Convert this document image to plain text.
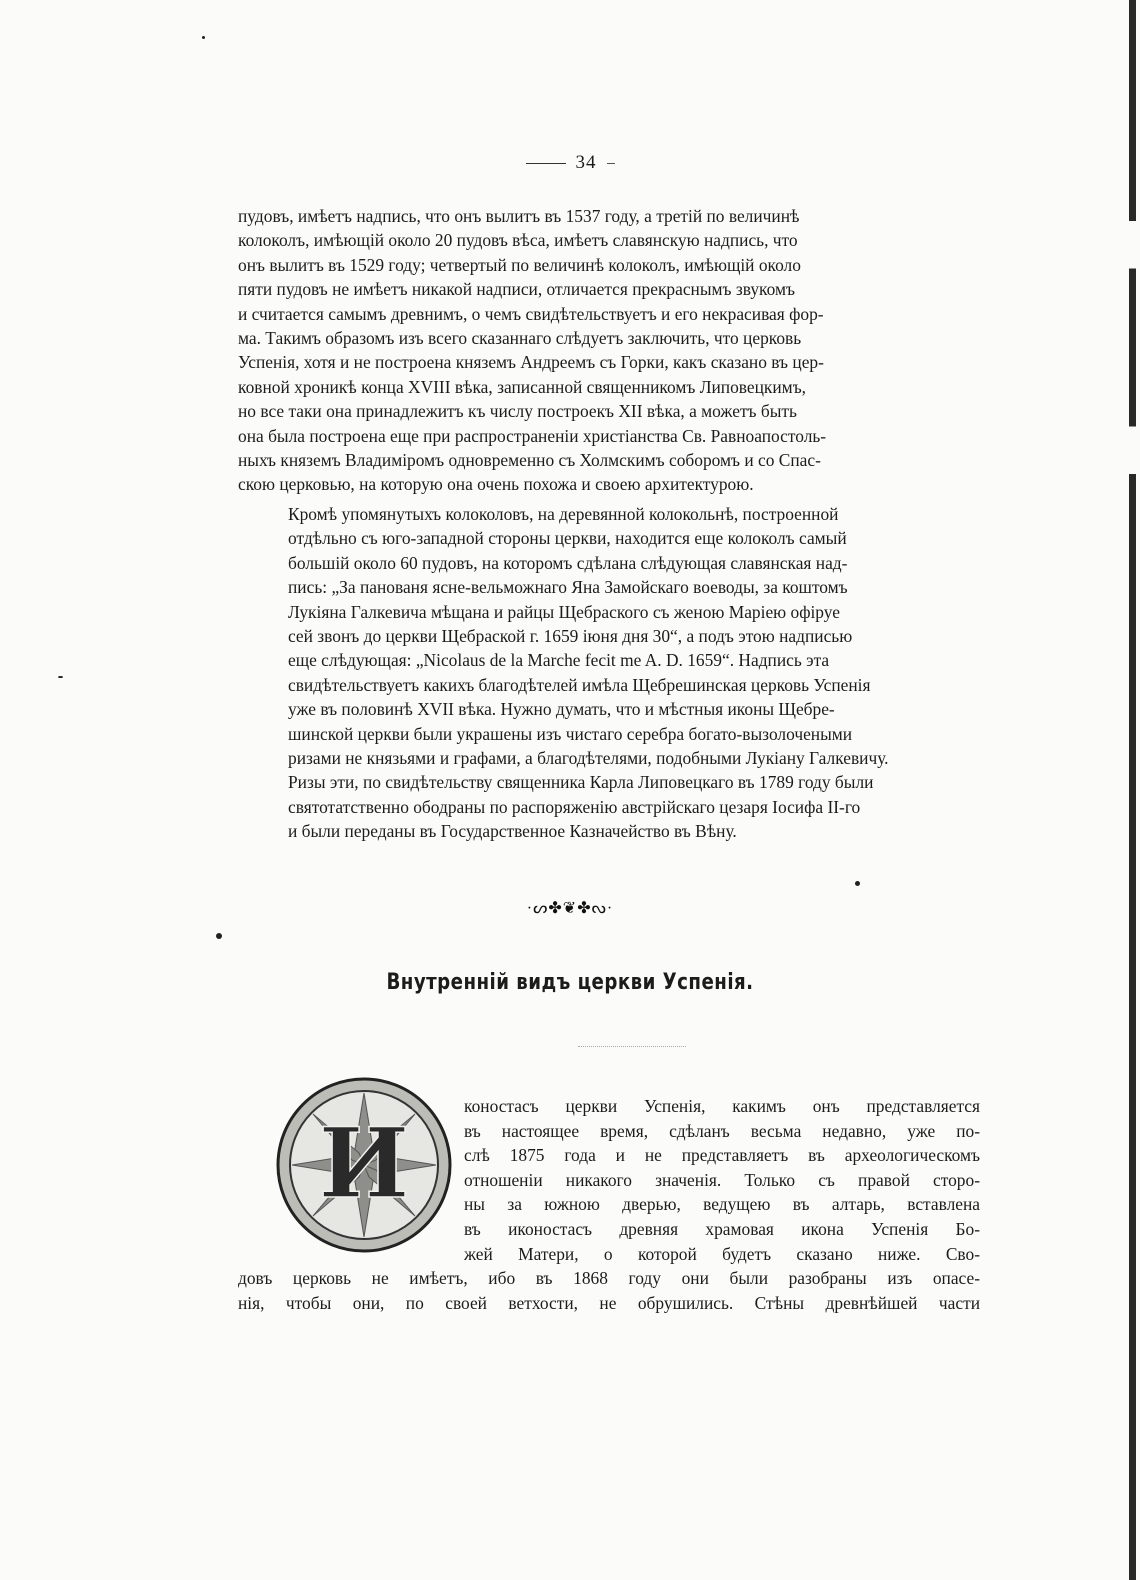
34
пудовъ, имѣетъ надпись, что онъ вылитъ въ 1537 году, а третій по величинѣ
колоколъ, имѣющій около 20 пудовъ вѣса, имѣетъ славянскую надпись, что
онъ вылитъ въ 1529 году; четвертый по величинѣ колоколъ, имѣющій около
пяти пудовъ не имѣетъ никакой надписи, отличается прекраснымъ звукомъ
и считается самымъ древнимъ, о чемъ свидѣтельствуетъ и его некрасивая фор-
ма. Такимъ образомъ изъ всего сказаннаго слѣдуетъ заключить, что церковь
Успенія, хотя и не построена княземъ Андреемъ съ Горки, какъ сказано въ цер-
ковной хроникѣ конца XVIII вѣка, записанной священникомъ Липовецкимъ,
но все таки она принадлежитъ къ числу построекъ XII вѣка, а можетъ быть
она была построена еще при распространеніи христіанства Св. Равноапостоль-
ныхъ княземъ Владиміромъ одновременно съ Холмскимъ соборомъ и со Спас-
скою церковью, на которую она очень похожа и своею архитектурою.
Кромѣ упомянутыхъ колоколовъ, на деревянной колокольнѣ, построенной
отдѣльно съ юго-западной стороны церкви, находится еще колоколъ самый
большій около 60 пудовъ, на которомъ сдѣлана слѣдующая славянская над-
пись: „За панованя ясне-вельможнаго Яна Замойскаго воеводы, за коштомъ
Лукіяна Галкевича мѣщана и райцы Щебраского съ женою Маріею офіруе
сей звонъ до церкви Щебраской г. 1659 іюня дня 30“, а подъ этою надписью
еще слѣдующая: „Nicolaus de la Marche fecit me A. D. 1659“. Надпись эта
свидѣтельствуетъ какихъ благодѣтелей имѣла Щебрешинская церковь Успенія
уже въ половинѣ XVII вѣка. Нужно думать, что и мѣстныя иконы Щебре-
шинской церкви были украшены изъ чистаго серебра богато-вызолочеными
ризами не князьями и графами, а благодѣтелями, подобными Лукіану Галкевичу.
Ризы эти, по свидѣтельству священника Карла Липовецкаго въ 1789 году были
святотатственно ободраны по распоряженію австрійскаго цезаря Іосифа II-го
и были переданы въ Государственное Казначейство въ Вѣну.
·ᔕ✤❦✤ᔓ·
Внутренній видъ церкви Успенія.
И
коностасъ церкви Успенія, какимъ онъ представляется
въ настоящее время, сдѣланъ весьма недавно, уже по-
слѣ 1875 года и не представляетъ въ археологическомъ
отношеніи никакого значенія. Только съ правой сторо-
ны за южною дверью, ведущею въ алтарь, вставлена
въ иконостасъ древняя храмовая икона Успенія Бо-
жей Матери, о которой будетъ сказано ниже. Сво-
довъ церковь не имѣетъ, ибо въ 1868 году они были разобраны изъ опасе-
нія, чтобы они, по своей ветхости, не обрушились. Стѣны древнѣйшей части
